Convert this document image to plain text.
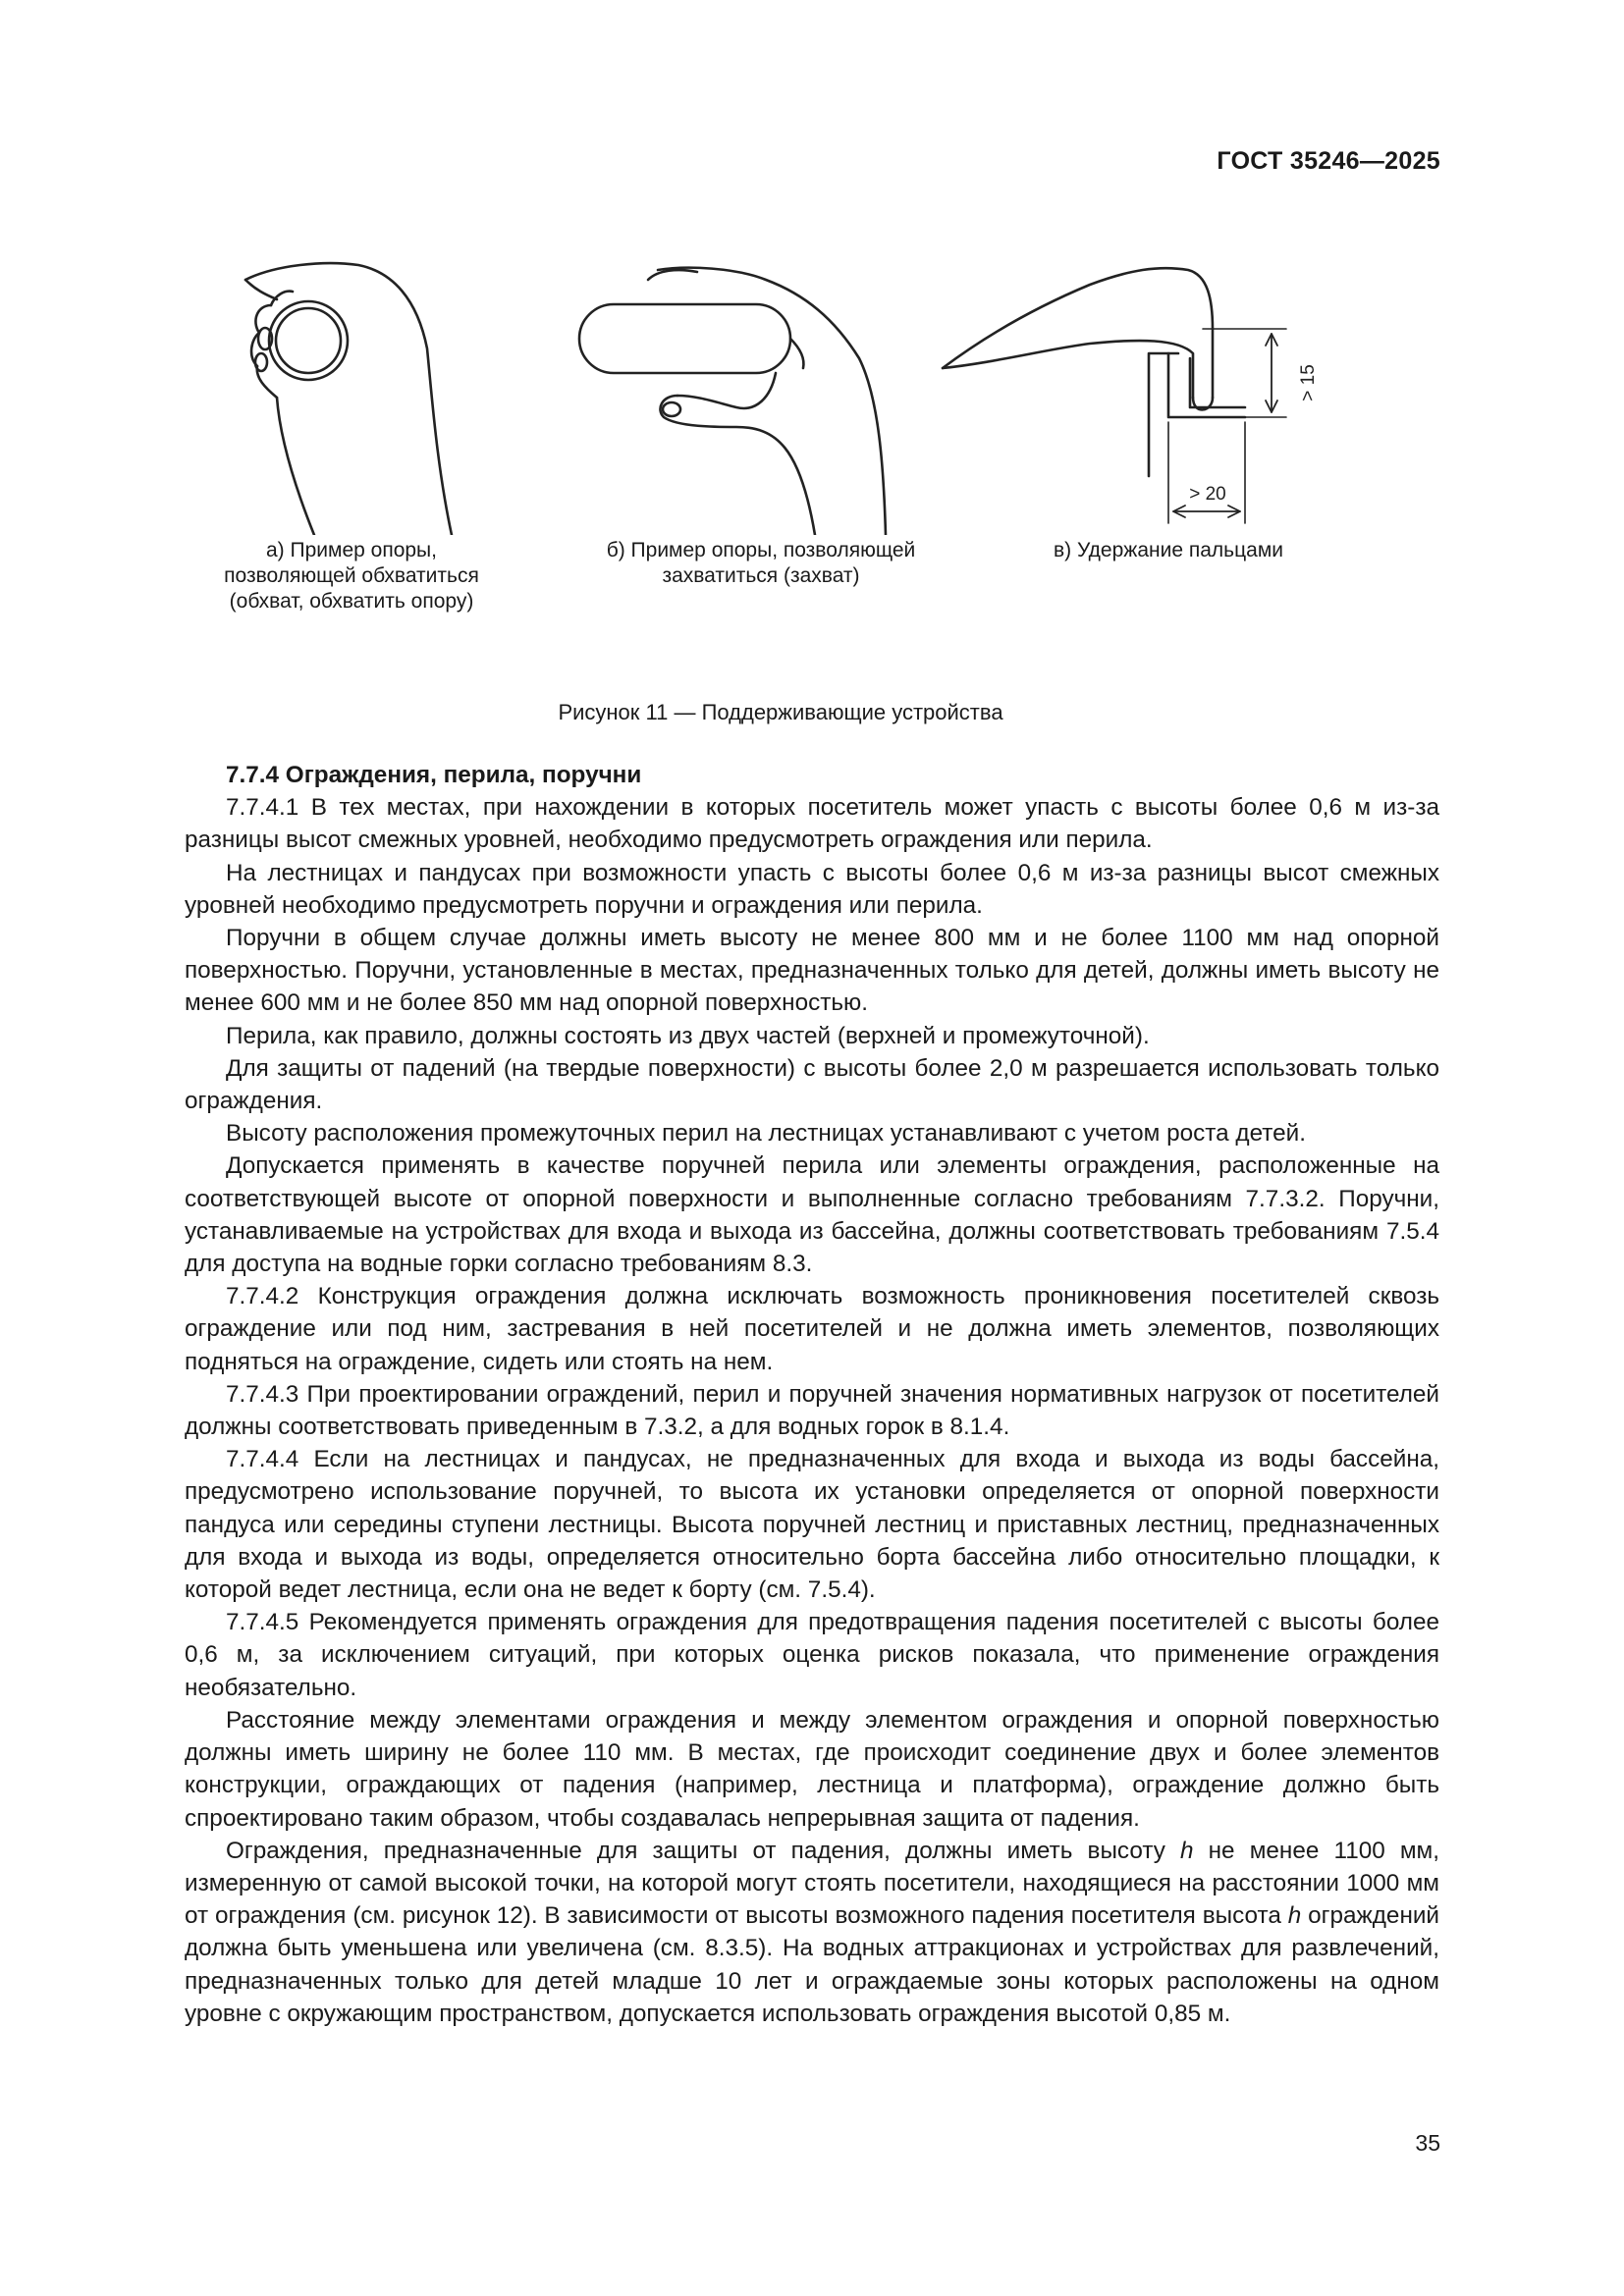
ГОСТ 35246—2025
> 15
> 20
а) Пример опоры, позволяющей обхватиться (обхват, обхватить опору)
б) Пример опоры, позволяющей захватиться (захват)
в) Удержание пальцами
Рисунок 11 — Поддерживающие устройства

7.7.4 Ограждения, перила, поручни

7.7.4.1 В тех местах, при нахождении в которых посетитель может упасть с высоты более 0,6 м из-за разницы высот смежных уровней, необходимо предусмотреть ограждения или перила.

На лестницах и пандусах при возможности упасть с высоты более 0,6 м из-за разницы высот смежных уровней необходимо предусмотреть поручни и ограждения или перила.

Поручни в общем случае должны иметь высоту не менее 800 мм и не более 1100 мм над опорной поверхностью. Поручни, установленные в местах, предназначенных только для детей, должны иметь высоту не менее 600 мм и не более 850 мм над опорной поверхностью.

Перила, как правило, должны состоять из двух частей (верхней и промежуточной).

Для защиты от падений (на твердые поверхности) с высоты более 2,0 м разрешается использовать только ограждения.

Высоту расположения промежуточных перил на лестницах устанавливают с учетом роста детей.

Допускается применять в качестве поручней перила или элементы ограждения, расположенные на соответствующей высоте от опорной поверхности и выполненные согласно требованиям 7.7.3.2. Поручни, устанавливаемые на устройствах для входа и выхода из бассейна, должны соответствовать требованиям 7.5.4 для доступа на водные горки согласно требованиям 8.3.

7.7.4.2 Конструкция ограждения должна исключать возможность проникновения посетителей сквозь ограждение или под ним, застревания в ней посетителей и не должна иметь элементов, позволяющих подняться на ограждение, сидеть или стоять на нем.

7.7.4.3 При проектировании ограждений, перил и поручней значения нормативных нагрузок от посетителей должны соответствовать приведенным в 7.3.2, а для водных горок в 8.1.4.

7.7.4.4 Если на лестницах и пандусах, не предназначенных для входа и выхода из воды бассейна, предусмотрено использование поручней, то высота их установки определяется от опорной поверхности пандуса или середины ступени лестницы. Высота поручней лестниц и приставных лестниц, предназначенных для входа и выхода из воды, определяется относительно борта бассейна либо относительно площадки, к которой ведет лестница, если она не ведет к борту (см. 7.5.4).

7.7.4.5 Рекомендуется применять ограждения для предотвращения падения посетителей с высоты более 0,6 м, за исключением ситуаций, при которых оценка рисков показала, что применение ограждения необязательно.

Расстояние между элементами ограждения и между элементом ограждения и опорной поверхностью должны иметь ширину не более 110 мм. В местах, где происходит соединение двух и более элементов конструкции, ограждающих от падения (например, лестница и платформа), ограждение должно быть спроектировано таким образом, чтобы создавалась непрерывная защита от падения.

Ограждения, предназначенные для защиты от падения, должны иметь высоту h не менее 1100 мм, измеренную от самой высокой точки, на которой могут стоять посетители, находящиеся на расстоянии 1000 мм от ограждения (см. рисунок 12). В зависимости от высоты возможного падения посетителя высота h ограждений должна быть уменьшена или увеличена (см. 8.3.5). На водных аттракционах и устройствах для развлечений, предназначенных только для детей младше 10 лет и ограждаемые зоны которых расположены на одном уровне с окружающим пространством, допускается использовать ограждения высотой 0,85 м.

35
